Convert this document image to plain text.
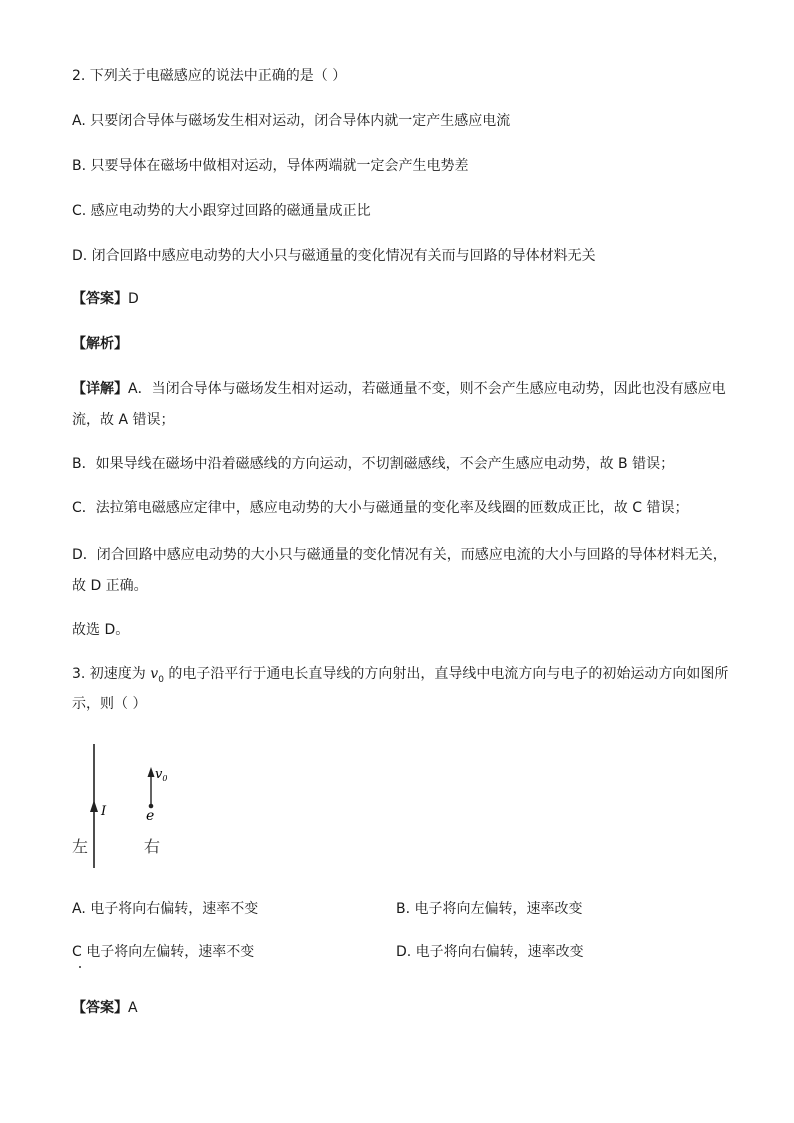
2. 下列关于电磁感应的说法中正确的是（ ）
A. 只要闭合导体与磁场发生相对运动，闭合导体内就一定产生感应电流
B. 只要导体在磁场中做相对运动，导体两端就一定会产生电势差
C. 感应电动势的大小跟穿过回路的磁通量成正比
D. 闭合回路中感应电动势的大小只与磁通量的变化情况有关而与回路的导体材料无关
【答案】D
【解析】
【详解】A．当闭合导体与磁场发生相对运动，若磁通量不变，则不会产生感应电动势，因此也没有感应电
流，故 A 错误；
B．如果导线在磁场中沿着磁感线的方向运动，不切割磁感线，不会产生感应电动势，故 B 错误；
C．法拉第电磁感应定律中，感应电动势的大小与磁通量的变化率及线圈的匝数成正比，故 C 错误；
D．闭合回路中感应电动势的大小只与磁通量的变化情况有关，而感应电流的大小与回路的导体材料无关，
故 D 正确。
故选 D。
3. 初速度为 $v_0$ 的电子沿平行于通电长直导线的方向射出，直导线中电流方向与电子的初始运动方向如图所
示，则（ ）
I
$v_0$
e
左	右
A. 电子将向右偏转，速率不变	B. 电子将向左偏转，速率改变
C 电子将向左偏转，速率不变	D. 电子将向右偏转，速率改变
【答案】A
